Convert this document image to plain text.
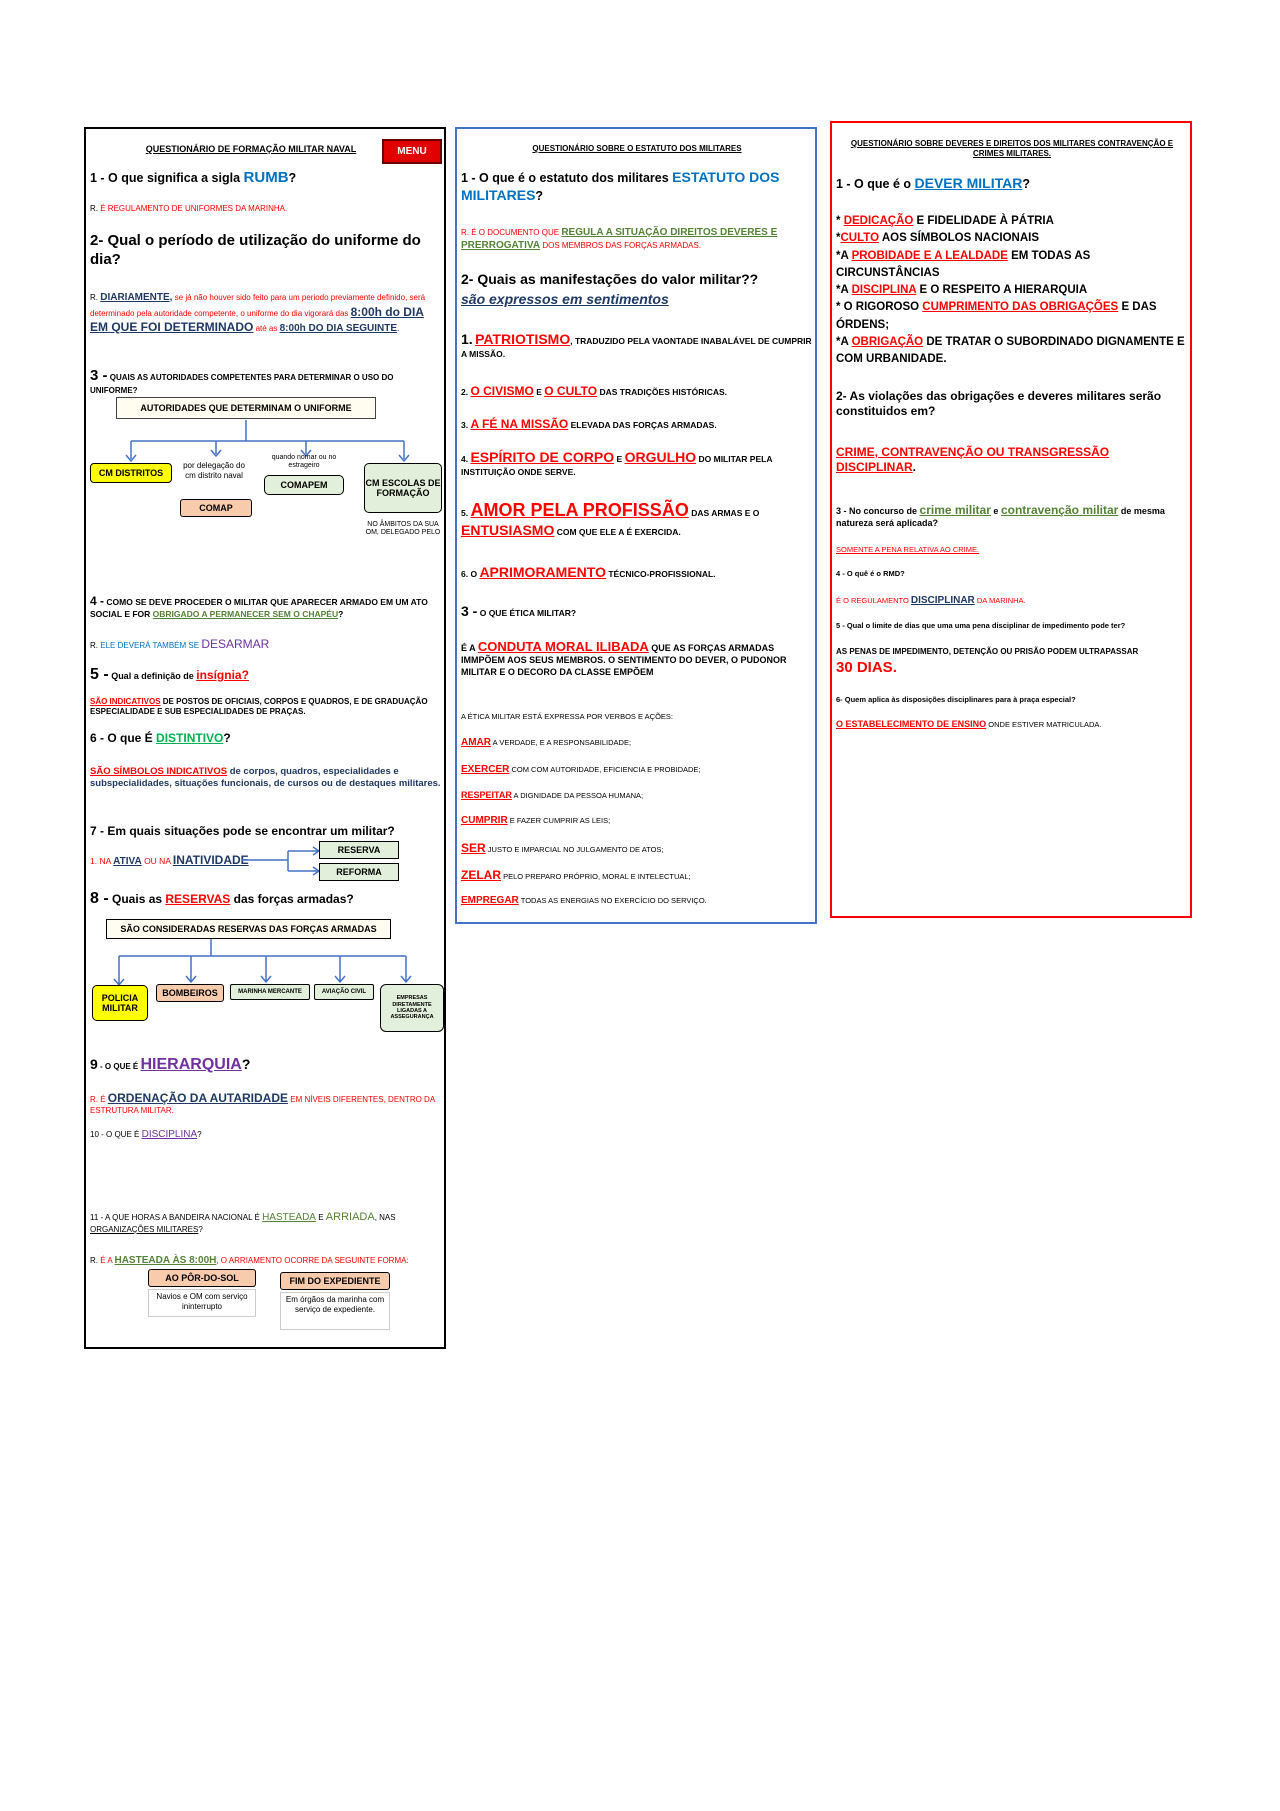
QUESTIONÁRIO DE FORMAÇÃO MILITAR NAVAL	MENU
1 - O que significa a sigla RUMB?
R. É REGULAMENTO DE UNIFORMES DA MARINHA.
2- Qual o período de utilização do uniforme do dia?
R. DIARIAMENTE, se já não houver sido feito para um periodo previamente definido, será determinado pela autoridade competente, o uniforme do dia vigorará das 8:00h do DIA EM QUE FOI DETERMINADO até as 8:00h DO DIA SEGUINTE.
3 - QUAIS AS AUTORIDADES COMPETENTES PARA DETERMINAR O USO DO UNIFORME?
AUTORIDADES QUE DETERMINAM O UNIFORME
CM DISTRITOS
por delegação do cm distrito naval
COMAP
quando nomar ou no estrageiro
COMAPEM	CM ESCOLAS DE FORMAÇÃO
NO ÂMBITOS DA SUA OM, DELEGADO PELO
4 - COMO SE DEVE PROCEDER O MILITAR QUE APARECER ARMADO EM UM ATO SOCIAL E FOR OBRIGADO A PERMANECER SEM O CHAPÉU?
R. ELE DEVERÁ TAMBÉM SE DESARMAR
5 - Qual a definição de insígnia?
SÃO INDICATIVOS DE POSTOS DE OFICIAIS, CORPOS E QUADROS, E DE GRADUAÇÃO ESPECIALIDADE E SUB ESPECIALIDADES DE PRAÇAS.
6 - O que É DISTINTIVO?
SÃO SÍMBOLOS INDICATIVOS de corpos, quadros, especialidades e subspecialidades, situações funcionais, de cursos ou de destaques militares.
7 - Em quais situações pode se encontrar um militar?
1. NA ATIVA OU NA INATIVIDADE
RESERVA
REFORMA
8 - Quais as RESERVAS das forças armadas?
SÃO CONSIDERADAS RESERVAS DAS FORÇAS ARMADAS
POLICIA MILITAR
BOMBEIROS	MARINHA MERCANTE	AVIAÇÃO CIVIL
EMPRESAS DIRETAMENTE LIGADAS A ASSEGURANÇA
9 - O QUE É HIERARQUIA?
R. É ORDENAÇÃO DA AUTARIDADE EM NÍVEIS DIFERENTES, DENTRO DA ESTRUTURA MILITAR.
10 - O QUE É DISCIPLINA?
11 - A QUE HORAS A BANDEIRA NACIONAL É HASTEADA E ARRIADA, NAS ORGANIZAÇÕES MILITARES?
R. É A HASTEADA ÀS 8:00H, O ARRIAMENTO OCORRE DA SEGUINTE FORMA:
AO PÔR-DO-SOL
Navios e OM com serviço ininterrupto
FIM DO EXPEDIENTE
Em órgãos da marinha com serviço de expediente.
QUESTIONÁRIO SOBRE O ESTATUTO DOS MILITARES
1 - O que é o estatuto dos militares ESTATUTO DOS MILITARES?
R. É O DOCUMENTO QUE REGULA A SITUAÇÃO DIREITOS DEVERES E PRERROGATIVA DOS MEMBROS DAS FORÇAS ARMADAS.
2- Quais as manifestações do valor militar??
são expressos em sentimentos
1. PATRIOTISMO, TRADUZIDO PELA VAONTADE INABALÁVEL DE CUMPRIR A MISSÃO.
2. O CIVISMO E O CULTO DAS TRADIÇÕES HISTÓRICAS.
3. A FÉ NA MISSÃO ELEVADA DAS FORÇAS ARMADAS.
4. ESPÍRITO DE CORPO E ORGULHO DO MILITAR PELA INSTITUIÇÃO ONDE SERVE.
5. AMOR PELA PROFISSÃO DAS ARMAS E O ENTUSIASMO COM QUE ELE A É EXERCIDA.
6. O APRIMORAMENTO TÉCNICO-PROFISSIONAL.
3 - O QUE ÉTICA MILITAR?
É A CONDUTA MORAL ILIBADA QUE AS FORÇAS ARMADAS IMMPÕEM AOS SEUS MEMBROS. O SENTIMENTO DO DEVER, O PUDONOR MILITAR E O DECORO DA CLASSE EMPÕEM
A ÉTICA MILITAR ESTÁ EXPRESSA POR VERBOS E AÇÕES:
AMAR A VERDADE, E A RESPONSABILIDADE;
EXERCER COM COM AUTORIDADE, EFICIENCIA E PROBIDADE;
RESPEITAR A DIGNIDADE DA PESSOA HUMANA;
CUMPRIR E FAZER CUMPRIR AS LEIS;
SER JUSTO E IMPARCIAL NO JULGAMENTO DE ATOS;
ZELAR PELO PREPARO PRÓPRIO, MORAL E INTELECTUAL;
EMPREGAR TODAS AS ENERGIAS NO EXERCÍCIO DO SERVIÇO.
QUESTIONÁRIO SOBRE DEVERES E DIREITOS DOS MILITARES CONTRAVENÇÃO E CRIMES MILITARES.
1 - O que é o DEVER MILITAR?
* DEDICAÇÃO E FIDELIDADE À PÁTRIA
*CULTO AOS SÍMBOLOS NACIONAIS
*A PROBIDADE E A LEALDADE EM TODAS AS CIRCUNSTÂNCIAS
*A DISCIPLINA E O RESPEITO A HIERARQUIA
* O RIGOROSO CUMPRIMENTO DAS OBRIGAÇÕES E DAS ÓRDENS;
*A OBRIGAÇÃO DE TRATAR O SUBORDINADO DIGNAMENTE E COM URBANIDADE.
2- As violações das obrigações e deveres militares serão constituidos em?
CRIME, CONTRAVENÇÃO OU TRANSGRESSÃO DISCIPLINAR.
3 - No concurso de crime militar e contravenção militar de mesma natureza será aplicada?
SOMENTE A PENA RELATIVA AO CRIME.
4 - O quê é o RMD?
É O REGULAMENTO DISCIPLINAR DA MARINHA.
5 - Qual o limite de dias que uma uma pena disciplinar de impedimento pode ter?
AS PENAS DE IMPEDIMENTO, DETENÇÃO OU PRISÃO PODEM ULTRAPASSAR
30 DIAS.
6- Quem aplica às disposições disciplinares para à praça especial?
O ESTABELECIMENTO DE ENSINO ONDE ESTIVER MATRICULADA.
